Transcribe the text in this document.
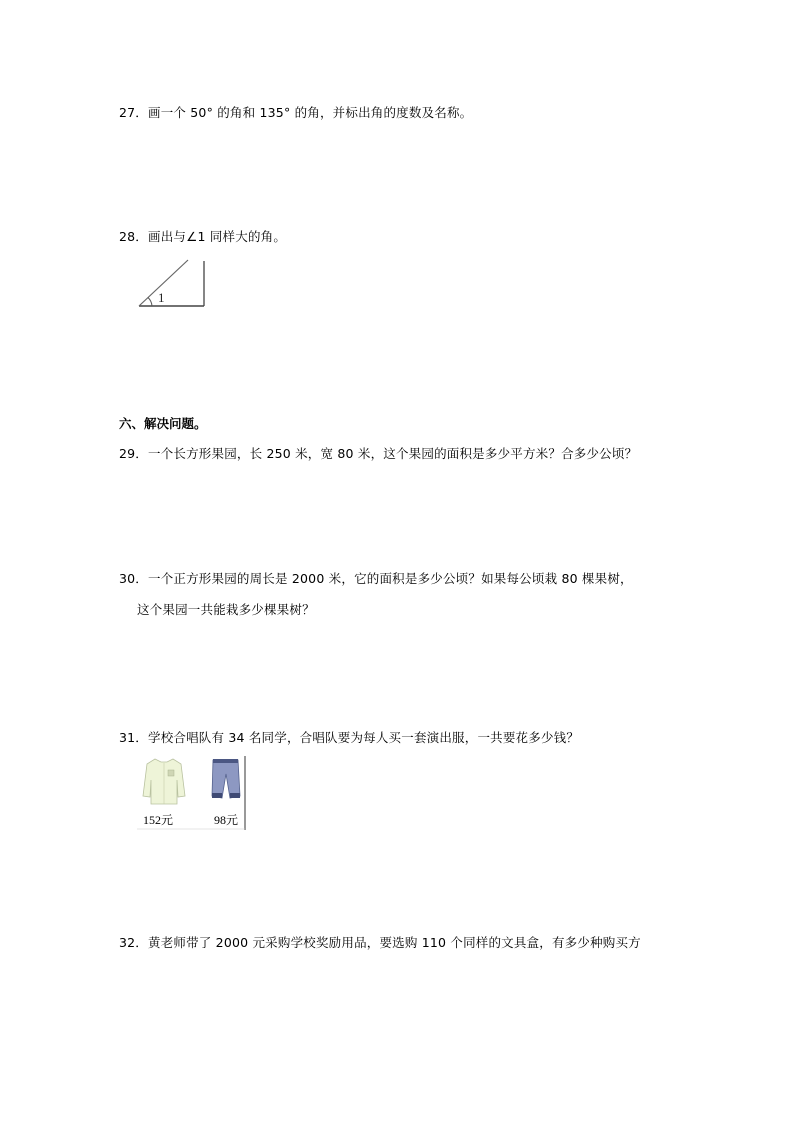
27．画一个 50° 的角和 135° 的角，并标出角的度数及名称。
28．画出与∠1 同样大的角。
1
六、解决问题。
29．一个长方形果园，长 250 米，宽 80 米，这个果园的面积是多少平方米？合多少公顷？
30．一个正方形果园的周长是 2000 米，它的面积是多少公顷？如果每公顷栽 80 棵果树，
这个果园一共能栽多少棵果树？
31．学校合唱队有 34 名同学，合唱队要为每人买一套演出服，一共要花多少钱？
152元	98元
32．黄老师带了 2000 元采购学校奖励用品，要选购 110 个同样的文具盒，有多少种购买方
